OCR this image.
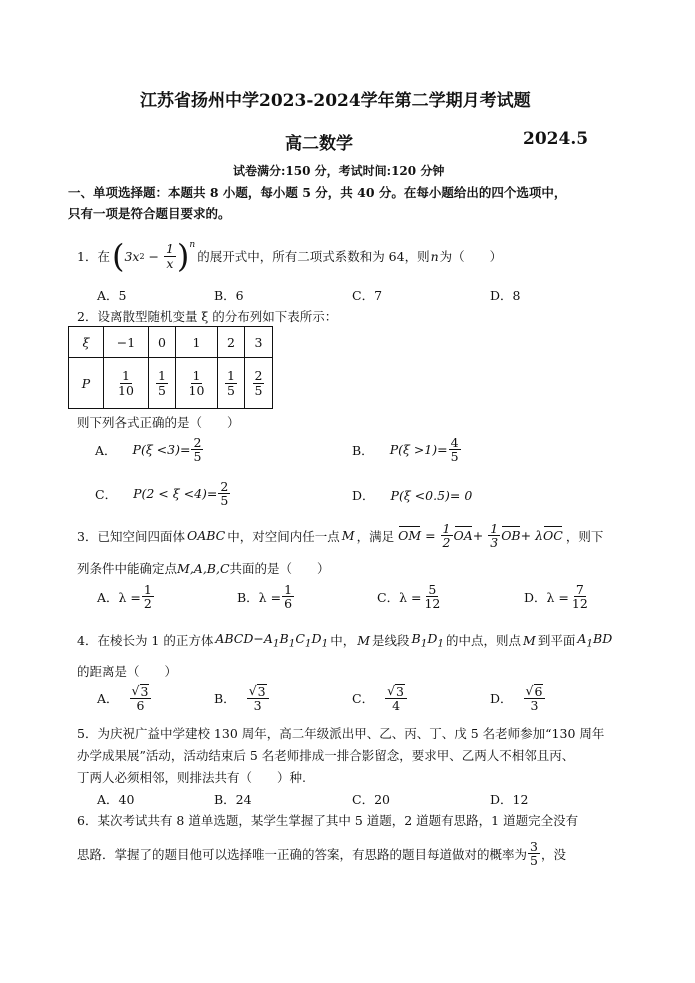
江苏省扬州中学2023-2024学年第二学期月考试题
高二数学	2024.5
试卷满分:150 分，考试时间:120 分钟
一、单项选择题：本题共 8 小题，每小题 5 分，共 40 分。在每小题给出的四个选项中，
只有一项是符合题目要求的。
1．在 ( 3x $2 - \frac{1}{x} )^n$
的展开式中，所有二项式系数和为 64，则 n 为（　　）
A．5	B．6	C．7	D．8
2．设离散型随机变量 ξ 的分布列如下表所示：
ξ	−1	0	1	2	3
P	$\frac{1}{10}$	$\frac{1}{5}$	$\frac{1}{10}$	$\frac{1}{5}$	$\frac{2}{5}$
则下列各式正确的是（　　）
A． $P(\xi <3)= \frac{2}{5}$	B． $P(\xi >1)= \frac{4}{5}$
C． $P(2 < \xi <4)= \frac{2}{5}$	D． P(ξ <0.5)= 0
3．已知空间四面体 OABC 中，对空间内任一点 M ，满足 OM = $\frac{1}{2}$ OA + $\frac{1}{3}$ OB + λ OC ，则下
列条件中能确定点 M,A,B,C 共面的是（　　）
A．$\lambda = \frac{1}{2}$	B．$\lambda = \frac{1}{6}$	C．$\lambda = \frac{5}{12}$	D．$\lambda = \frac{7}{12}$
4．在棱长为 1 的正方体 $ABCD-A_1B_1C_1D_1$ 中， M 是线段 $B_1D_1$ 的中点，则点 M 到平面 $A_1BD$
的距离是（　　）
A． $\frac{√ 3}{6}$	B． $\frac{√ 3}{3}$	C． $\frac{√ 3}{4}$	D． $\frac{√ 6}{3}$
5．为庆祝广益中学建校 130 周年，高二年级派出甲、乙、丙、丁、戊 5 名老师参加“130 周年
办学成果展”活动，活动结束后 5 名老师排成一排合影留念，要求甲、乙两人不相邻且丙、
丁两人必须相邻，则排法共有（　　）种.
A．40	B．24	C．20	D．12
6．某次考试共有 8 道单选题，某学生掌握了其中 5 道题，2 道题有思路，1 道题完全没有
思路．掌握了的题目他可以选择唯一正确的答案，有思路的题目每道做对的概率为 $\frac{3}{5}$ ，没
